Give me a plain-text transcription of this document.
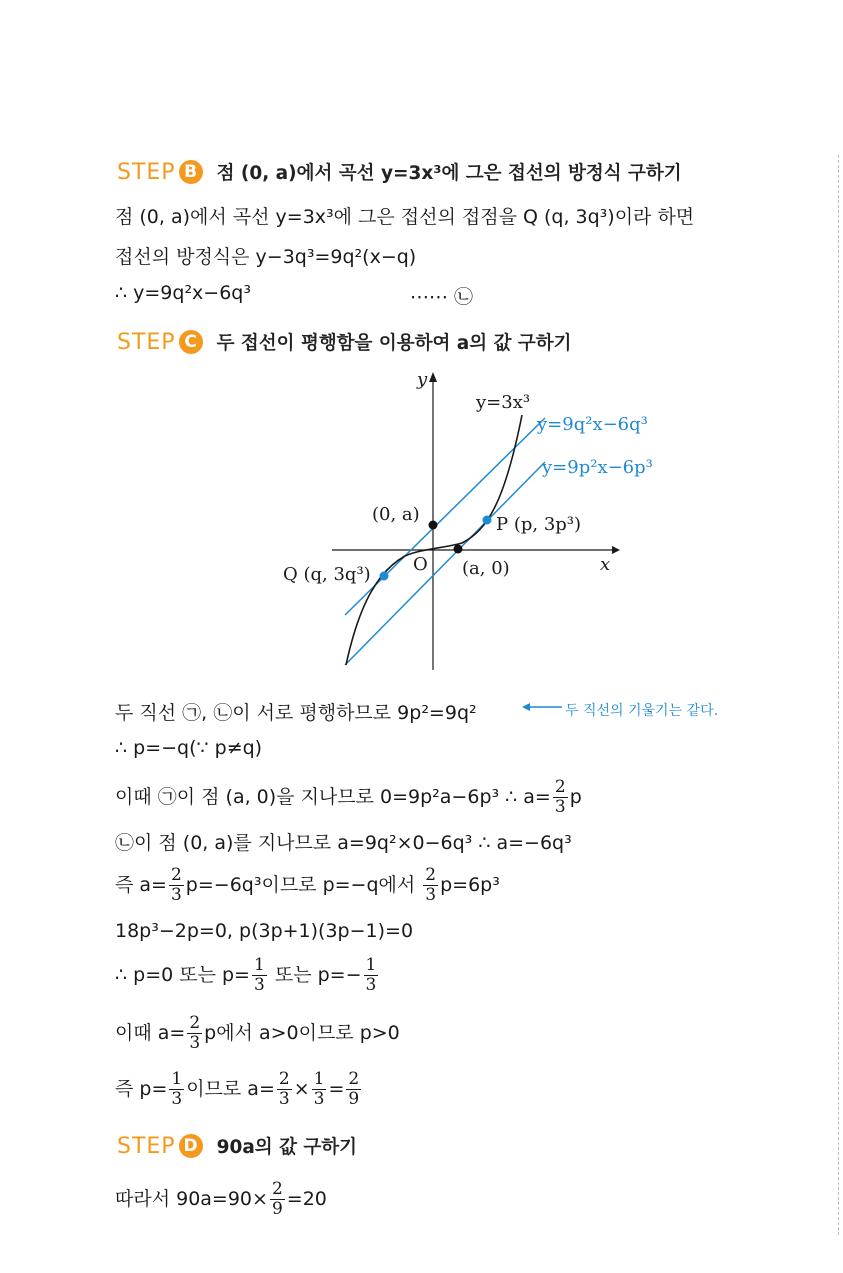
STEP B 점 (0, a)에서 곡선 y=3x³에 그은 접선의 방정식 구하기
점 (0, a)에서 곡선 y=3x³에 그은 접선의 접점을 Q (q, 3q³)이라 하면
접선의 방정식은 y−3q³=9q²(x−q)
∴ y=9q²x−6q³	⋯⋯ ㉡
STEP C	두 접선이 평행함을 이용하여 a의 값 구하기
y
x
O
y=3x³
y=9q²x−6q³
y=9p²x−6p³
(0, a)
(a, 0)
P (p, 3p³)
Q (q, 3q³)
두 직선 ㉠, ㉡이 서로 평행하므로 9p²=9q²	두 직선의 기울기는 같다.
∴ p=−q(∵ p≠q)
이때 ㉠이 점 (a, 0)을 지나므로 0=9p²a−6p³ ∴ $a= \frac{2}{3}$ p
㉡이 점 (0, a)를 지나므로 a=9q²×0−6q³ ∴ a=−6q³
즉 $a= \frac{2}{3} p=-6q^3$이므로 p=−q에서 $\frac{2}{3} p=6p^3$
18p³−2p=0, p(3p+1)(3p−1)=0
∴ p=0 또는 $p= \frac{1}{3}$ 또는 $p=- \frac{1}{3}$
이때 $a= \frac{2}{3}$ p에서 a>0이므로 p>0
즉 $p= \frac{1}{3}$ 이므로 $a= \frac{2}{3} \times \frac{1}{3} = \frac{2}{9}$
STEP D 90a의 값 구하기
따라서 $90a=90\times \frac{2}{9} =20$
